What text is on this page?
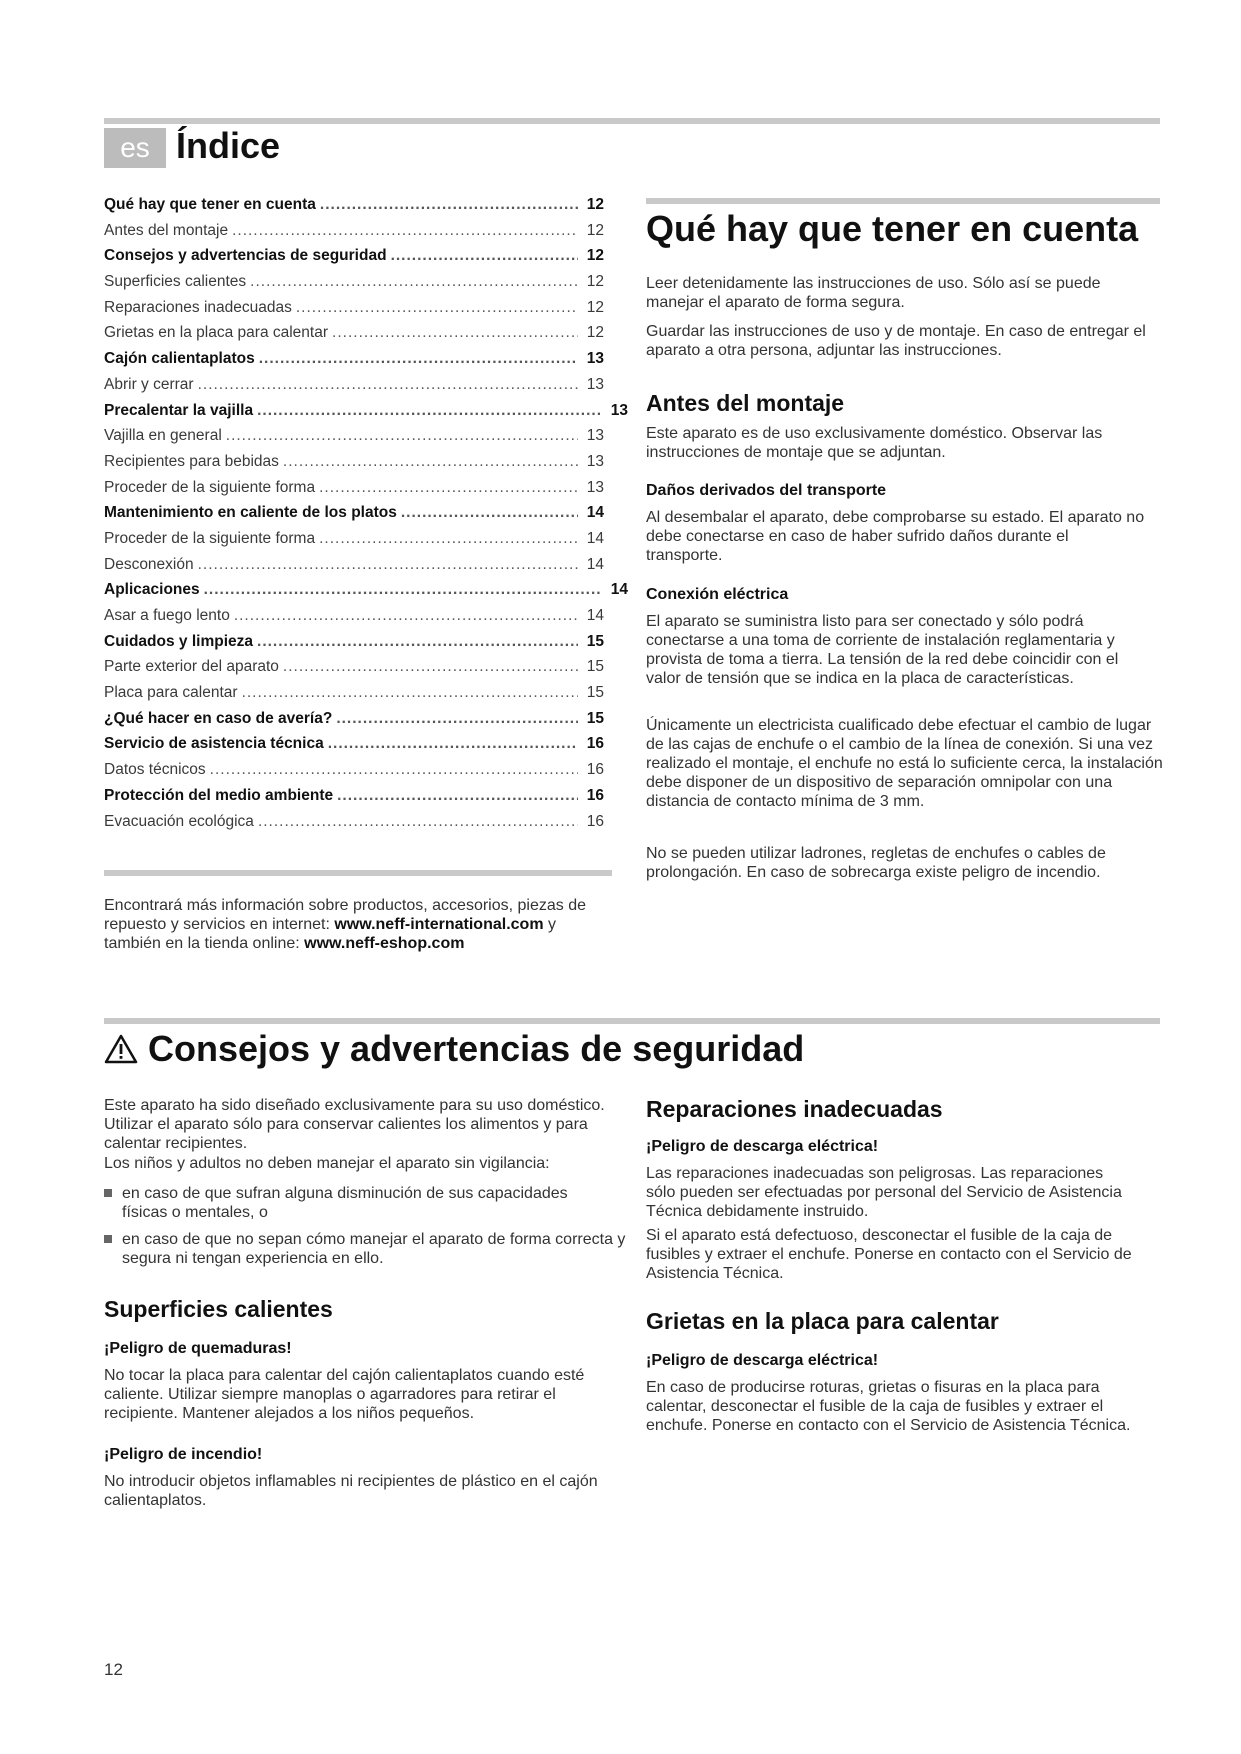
es Índice
Qué hay que tener en cuenta .....	12
Antes del montaje .....	12
Consejos y advertencias de seguridad .....	12
Superficies calientes .....	12
Reparaciones inadecuadas .....	12
Grietas en la placa para calentar .....	12
Cajón calientaplatos .....	13
Abrir y cerrar .....	13
Precalentar la vajilla .....	13
Vajilla en general .....	13
Recipientes para bebidas .....	13
Proceder de la siguiente forma .....	13
Mantenimiento en caliente de los platos .....	14
Proceder de la siguiente forma .....	14
Desconexión .....	14
Aplicaciones .....	14
Asar a fuego lento .....	14
Cuidados y limpieza .....	15
Parte exterior del aparato .....	15
Placa para calentar .....	15
¿Qué hacer en caso de avería? .....	15
Servicio de asistencia técnica .....	16
Datos técnicos .....	16
Protección del medio ambiente .....	16
Evacuación ecológica .....	16
Encontrará más información sobre productos, accesorios, piezas de repuesto y servicios en internet: www.neff-international.com y también en la tienda online: www.neff-eshop.com
Qué hay que tener en cuenta
Leer detenidamente las instrucciones de uso. Sólo así se puede manejar el aparato de forma segura.
Guardar las instrucciones de uso y de montaje. En caso de entregar el aparato a otra persona, adjuntar las instrucciones.
Antes del montaje
Este aparato es de uso exclusivamente doméstico. Observar las instrucciones de montaje que se adjuntan.
Daños derivados del transporte
Al desembalar el aparato, debe comprobarse su estado. El aparato no debe conectarse en caso de haber sufrido daños durante el transporte.
Conexión eléctrica
El aparato se suministra listo para ser conectado y sólo podrá conectarse a una toma de corriente de instalación reglamentaria y provista de toma a tierra. La tensión de la red debe coincidir con el valor de tensión que se indica en la placa de características.
Únicamente un electricista cualificado debe efectuar el cambio de lugar de las cajas de enchufe o el cambio de la línea de conexión. Si una vez realizado el montaje, el enchufe no está lo suficiente cerca, la instalación debe disponer de un dispositivo de separación omnipolar con una distancia de contacto mínima de 3 mm.
No se pueden utilizar ladrones, regletas de enchufes o cables de prolongación. En caso de sobrecarga existe peligro de incendio.
Consejos y advertencias de seguridad
Este aparato ha sido diseñado exclusivamente para su uso doméstico. Utilizar el aparato sólo para conservar calientes los alimentos y para calentar recipientes.
Los niños y adultos no deben manejar el aparato sin vigilancia:
en caso de que sufran alguna disminución de sus capacidades físicas o mentales, o
en caso de que no sepan cómo manejar el aparato de forma correcta y segura ni tengan experiencia en ello.
Superficies calientes
¡Peligro de quemaduras!
No tocar la placa para calentar del cajón calientaplatos cuando esté caliente. Utilizar siempre manoplas o agarradores para retirar el recipiente. Mantener alejados a los niños pequeños.
¡Peligro de incendio!
No introducir objetos inflamables ni recipientes de plástico en el cajón calientaplatos.
Reparaciones inadecuadas
¡Peligro de descarga eléctrica!
Las reparaciones inadecuadas son peligrosas. Las reparaciones sólo pueden ser efectuadas por personal del Servicio de Asistencia Técnica debidamente instruido.
Si el aparato está defectuoso, desconectar el fusible de la caja de fusibles y extraer el enchufe. Ponerse en contacto con el Servicio de Asistencia Técnica.
Grietas en la placa para calentar
¡Peligro de descarga eléctrica!
En caso de producirse roturas, grietas o fisuras en la placa para calentar, desconectar el fusible de la caja de fusibles y extraer el enchufe. Ponerse en contacto con el Servicio de Asistencia Técnica.
12
